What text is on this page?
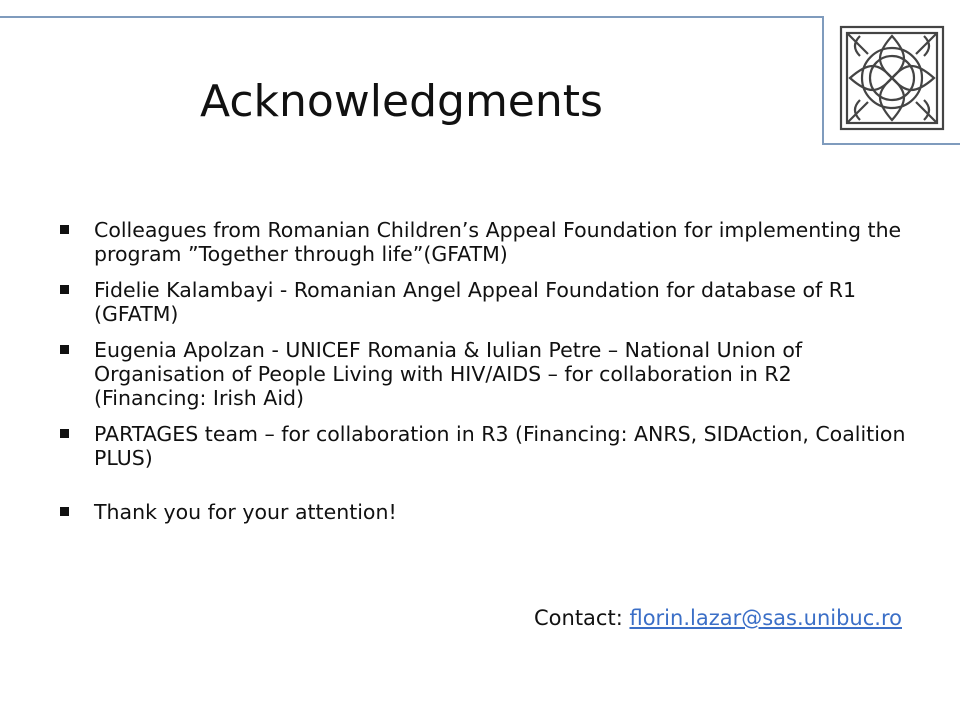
Acknowledgments
Colleagues from Romanian Children’s Appeal Foundation for implementing the program ”Together through life”(GFATM)
Fidelie Kalambayi - Romanian Angel Appeal Foundation for database of R1 (GFATM)
Eugenia Apolzan - UNICEF Romania & Iulian Petre – National Union of Organisation of People Living with HIV/AIDS – for collaboration in R2 (Financing: Irish Aid)
PARTAGES team – for collaboration in R3 (Financing: ANRS, SIDAction, Coalition PLUS)
Thank you for your attention!
Contact: florin.lazar@sas.unibuc.ro
